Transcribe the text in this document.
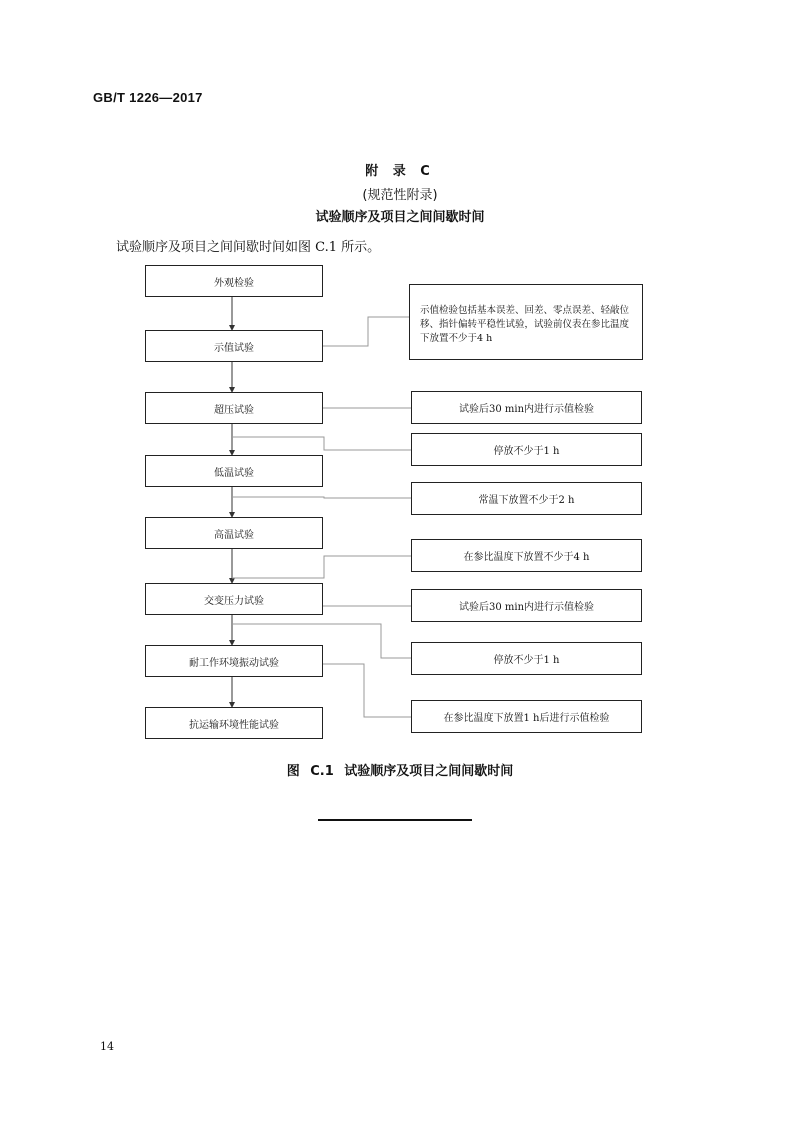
GB/T 1226—2017
附 录 C
(规范性附录)
试验顺序及项目之间间歇时间
试验顺序及项目之间间歇时间如图 C.1 所示。
外观检验
示值试验
超压试验
低温试验
高温试验
交变压力试验
耐工作环境振动试验
抗运输环境性能试验
示值检验包括基本误差、回差、零点误差、轻敲位移、指针偏转平稳性试验，试验前仪表在参比温度下放置不少于4 h
试验后30 min内进行示值检验
停放不少于1 h
常温下放置不少于2 h
在参比温度下放置不少于4 h
试验后30 min内进行示值检验
停放不少于1 h
在参比温度下放置1 h后进行示值检验
图 C.1 试验顺序及项目之间间歇时间
14
